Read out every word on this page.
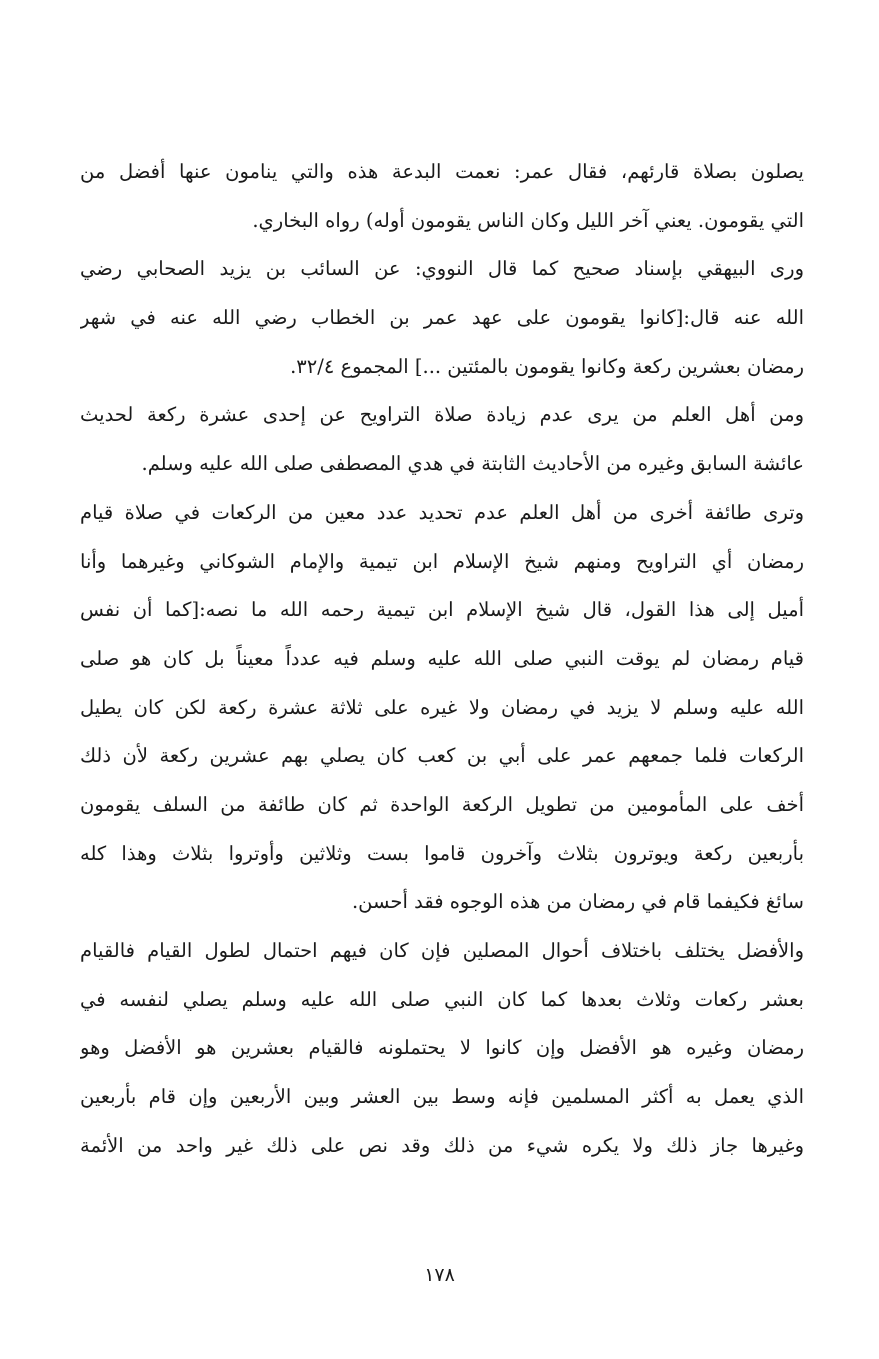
يصلون بصلاة قارئهم، فقال عمر: نعمت البدعة هذه والتي ينامون عنها أفضل من
التي يقومون. يعني آخر الليل وكان الناس يقومون أوله) رواه البخاري.
ورى البيهقي بإسناد صحيح كما قال النووي: عن السائب بن يزيد الصحابي رضي
الله عنه قال:[كانوا يقومون على عهد عمر بن الخطاب رضي الله عنه في شهر
رمضان بعشرين ركعة وكانوا يقومون بالمئتين ...] المجموع ٣٢/٤.
ومن أهل العلم من يرى عدم زيادة صلاة التراويح عن إحدى عشرة ركعة لحديث
عائشة السابق وغيره من الأحاديث الثابتة في هدي المصطفى صلى الله عليه وسلم.
وترى طائفة أخرى من أهل العلم عدم تحديد عدد معين من الركعات في صلاة قيام
رمضان أي التراويح ومنهم شيخ الإسلام ابن تيمية والإمام الشوكاني وغيرهما وأنا
أميل إلى هذا القول، قال شيخ الإسلام ابن تيمية رحمه الله ما نصه:[كما أن نفس
قيام رمضان لم يوقت النبي صلى الله عليه وسلم فيه عدداً معيناً بل كان هو صلى
الله عليه وسلم لا يزيد في رمضان ولا غيره على ثلاثة عشرة ركعة لكن كان يطيل
الركعات فلما جمعهم عمر على أبي بن كعب كان يصلي بهم عشرين ركعة لأن ذلك
أخف على المأمومين من تطويل الركعة الواحدة ثم كان طائفة من السلف يقومون
بأربعين ركعة ويوترون بثلاث وآخرون قاموا بست وثلاثين وأوتروا بثلاث وهذا كله
سائغ فكيفما قام في رمضان من هذه الوجوه فقد أحسن.
والأفضل يختلف باختلاف أحوال المصلين فإن كان فيهم احتمال لطول القيام فالقيام
بعشر ركعات وثلاث بعدها كما كان النبي صلى الله عليه وسلم يصلي لنفسه في
رمضان وغيره هو الأفضل وإن كانوا لا يحتملونه فالقيام بعشرين هو الأفضل وهو
الذي يعمل به أكثر المسلمين فإنه وسط بين العشر وبين الأربعين وإن قام بأربعين
وغيرها جاز ذلك ولا يكره شيء من ذلك وقد نص على ذلك غير واحد من الأئمة
١٧٨
